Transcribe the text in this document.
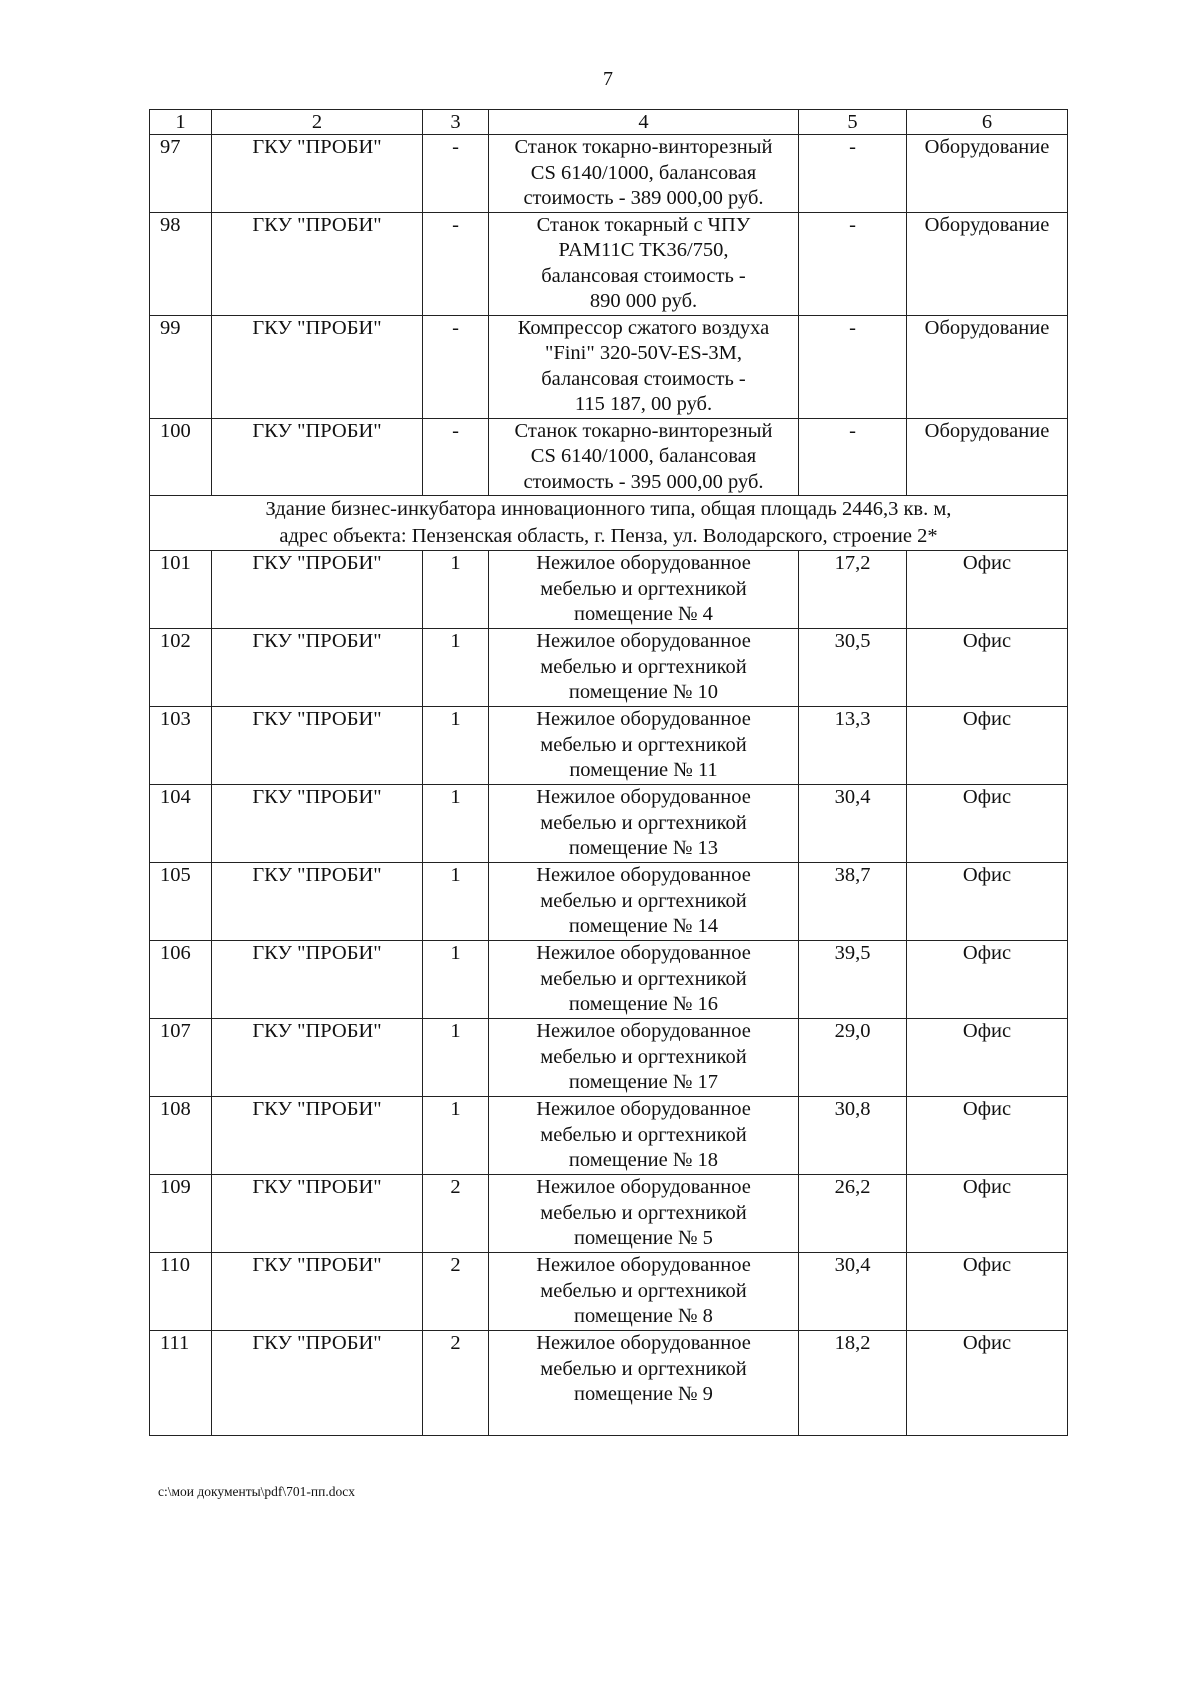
7
1	2	3	4	5	6
97	ГКУ "ПРОБИ"	-	Станок токарно-винторезный
CS 6140/1000, балансовая
стоимость - 389 000,00 руб.	-	Оборудование
98	ГКУ "ПРОБИ"	-	Станок токарный с ЧПУ
PAM11C TK36/750,
балансовая стоимость -
890 000 руб.	-	Оборудование
99	ГКУ "ПРОБИ"	-	Компрессор сжатого воздуха
"Fini" 320-50V-ES-3M,
балансовая стоимость -
115 187, 00 руб.	-	Оборудование
100	ГКУ "ПРОБИ"	-	Станок токарно-винторезный
CS 6140/1000, балансовая
стоимость - 395 000,00 руб.	-	Оборудование

Здание бизнес-инкубатора инновационного типа, общая площадь 2446,3 кв. м,
адрес объекта: Пензенская область, г. Пенза, ул. Володарского, строение 2*					

101	ГКУ "ПРОБИ"	1	Нежилое оборудованное
мебелью и оргтехникой
помещение № 4	17,2	Офис
102	ГКУ "ПРОБИ"	1	Нежилое оборудованное
мебелью и оргтехникой
помещение № 10	30,5	Офис
103	ГКУ "ПРОБИ"	1	Нежилое оборудованное
мебелью и оргтехникой
помещение № 11	13,3	Офис
104	ГКУ "ПРОБИ"	1	Нежилое оборудованное
мебелью и оргтехникой
помещение № 13	30,4	Офис
105	ГКУ "ПРОБИ"	1	Нежилое оборудованное
мебелью и оргтехникой
помещение № 14	38,7	Офис
106	ГКУ "ПРОБИ"	1	Нежилое оборудованное
мебелью и оргтехникой
помещение № 16	39,5	Офис
107	ГКУ "ПРОБИ"	1	Нежилое оборудованное
мебелью и оргтехникой
помещение № 17	29,0	Офис
108	ГКУ "ПРОБИ"	1	Нежилое оборудованное
мебелью и оргтехникой
помещение № 18	30,8	Офис
109	ГКУ "ПРОБИ"	2	Нежилое оборудованное
мебелью и оргтехникой
помещение № 5	26,2	Офис
110	ГКУ "ПРОБИ"	2	Нежилое оборудованное
мебелью и оргтехникой
помещение № 8	30,4	Офис
111	ГКУ "ПРОБИ"	2	Нежилое оборудованное
мебелью и оргтехникой
помещение № 9	18,2	Офис
c:\мои документы\pdf\701-пп.docx
